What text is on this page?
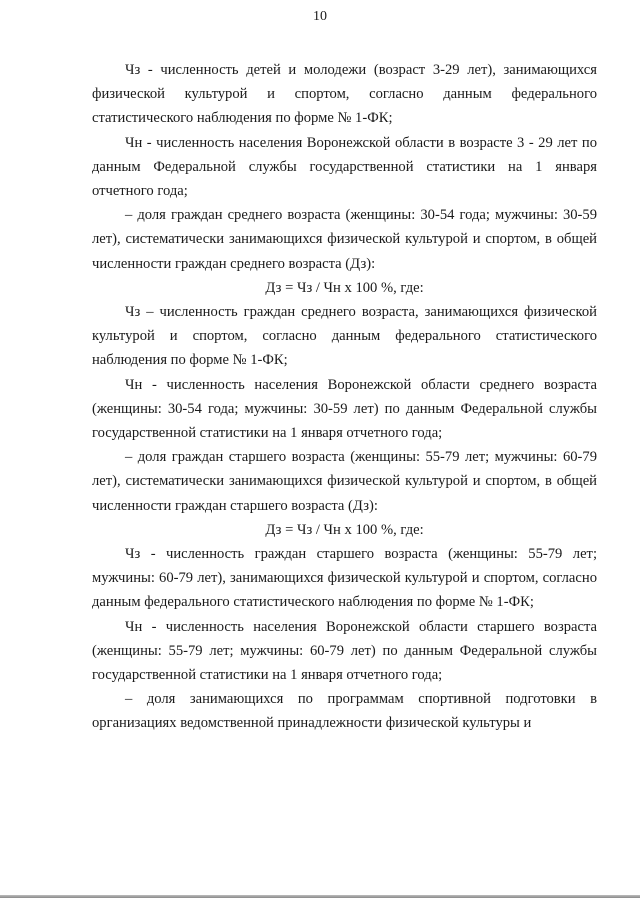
10

Чз - численность детей и молодежи (возраст 3-29 лет), занимающихся физической культурой и спортом, согласно данным федерального статистического наблюдения по форме № 1-ФК;

Чн - численность населения Воронежской области в возрасте 3 - 29 лет по данным Федеральной службы государственной статистики на 1 января отчетного года;

– доля граждан среднего возраста (женщины: 30-54 года; мужчины: 30-59 лет), систематически занимающихся физической культурой и спортом, в общей численности граждан среднего возраста (Дз):

Дз = Чз / Чн х 100 %, где:

Чз – численность граждан среднего возраста, занимающихся физической культурой и спортом, согласно данным федерального статистического наблюдения по форме № 1-ФК;

Чн - численность населения Воронежской области среднего возраста (женщины: 30-54 года; мужчины: 30-59 лет) по данным Федеральной службы государственной статистики на 1 января отчетного года;

– доля граждан старшего возраста (женщины: 55-79 лет; мужчины: 60-79 лет), систематически занимающихся физической культурой и спортом, в общей численности граждан старшего возраста (Дз):

Дз = Чз / Чн х 100 %, где:

Чз - численность граждан старшего возраста (женщины: 55-79 лет; мужчины: 60-79 лет), занимающихся физической культурой и спортом, согласно данным федерального статистического наблюдения по форме № 1-ФК;

Чн - численность населения Воронежской области старшего возраста (женщины: 55-79 лет; мужчины: 60-79 лет) по данным Федеральной службы государственной статистики на 1 января отчетного года;

– доля занимающихся по программам спортивной подготовки в организациях ведомственной принадлежности физической культуры и
